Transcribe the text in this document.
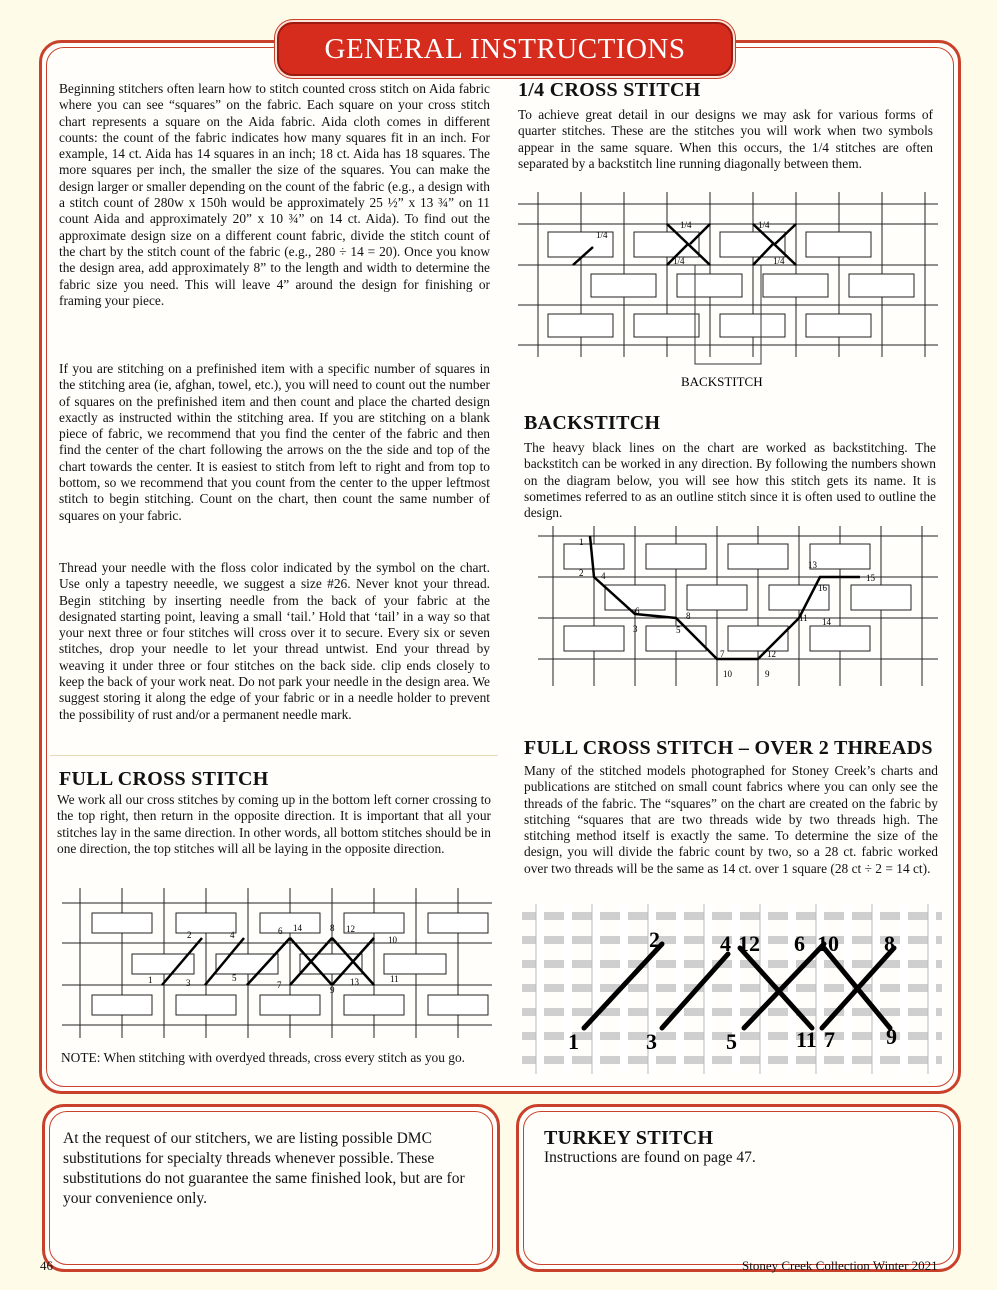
GENERAL INSTRUCTIONS

Beginning stitchers often learn how to stitch counted cross stitch on Aida fabric where you can see “squares” on the fabric. Each square on your cross stitch chart represents a square on the Aida fabric. Aida cloth comes in different counts: the count of the fabric indicates how many squares fit in an inch. For example, 14 ct. Aida has 14 squares in an inch; 18 ct. Aida has 18 squares. The more squares per inch, the smaller the size of the squares. You can make the design larger or smaller depending on the count of the fabric (e.g., a design with a stitch count of 280w x 150h would be approximately 25 ½” x 13 ¾” on 11 count Aida and approximately 20” x 10 ¾” on 14 ct. Aida). To find out the approximate design size on a different count fabric, divide the stitch count of the chart by the stitch count of the fabric (e.g., 280 ÷ 14 = 20). Once you know the design area, add approximately 8” to the length and width to determine the fabric size you need. This will leave 4” around the design for finishing or framing your piece.

If you are stitching on a prefinished item with a specific number of squares in the stitching area (ie, afghan, towel, etc.), you will need to count out the number of squares on the prefinished item and then count and place the charted design exactly as instructed within the stitching area. If you are stitching on a blank piece of fabric, we recommend that you find the center of the fabric and then find the center of the chart following the arrows on the the side and top of the chart towards the center. It is easiest to stitch from left to right and from top to bottom, so we recommend that you count from the center to the upper leftmost stitch to begin stitching. Count on the chart, then count the same number of squares on your fabric.

Thread your needle with the floss color indicated by the symbol on the chart. Use only a tapestry neeedle, we suggest a size #26. Never knot your thread. Begin stitching by inserting needle from the back of your fabric at the designated starting point, leaving a small ‘tail.’ Hold that ‘tail’ in a way so that your next three or four stitches will cross over it to secure. Every six or seven stitches, drop your needle to let your thread untwist. End your thread by weaving it under three or four stitches on the back side. clip ends closely to keep the back of your work neat. Do not park your needle in the design area. We suggest storing it along the edge of your fabric or in a needle holder to prevent the possibility of rust and/or a permanent needle mark.

FULL CROSS STITCH

We work all our cross stitches by coming up in the bottom left corner crossing to the top right, then return in the opposite direction. It is important that all your stitches lay in the same direction. In other words, all bottom stitches should be in one direction, the top stitches will all be laying in the opposite direction.

1
2
3
4
5
6
7
14	8
9
12
13
10
11

NOTE: When stitching with overdyed threads, cross every stitch as you go.

1/4 CROSS STITCH

To achieve great detail in our designs we may ask for various forms of quarter stitches. These are the stitches you will work when two symbols appear in the same square. When this occurs, the 1/4 stitches are often separated by a backstitch line running diagonally between them.

1/4
1/4
1/4
1/4
1/4
BACKSTITCH
BACKSTITCH

The heavy black lines on the chart are worked as backstitching. The backstitch can be worked in any direction. By following the numbers shown on the diagram below, you will see how this stitch gets its name. It is sometimes referred to as an outline stitch since it is often used to outline the design.

1
2 4
6
3
8
5
7
10
12
9
11 14
13
16
15
FULL CROSS STITCH – OVER 2 THREADS

Many of the stitched models photographed for Stoney Creek’s charts and publications are stitched on small count fabrics where you can only see the threads of the fabric. The “squares” on the chart are created on the fabric by stitching “squares that are two threads wide by two threads high. The stitching method itself is exactly the same. To determine the size of the design, you will divide the fabric count by two, so a 28 ct. fabric worked over two threads will be the same as 14 ct. over 1 square (28 ct ÷ 2 = 14 ct).

2	4 12 6 10 8
1	3	5	11 7 9

At the request of our stitchers, we are listing possible DMC substitutions for specialty threads whenever possible. These substitutions do not guarantee the same finished look, but are for your convenience only.

TURKEY STITCH

Instructions are found on page 47.

46	Stoney Creek Collection Winter 2021
